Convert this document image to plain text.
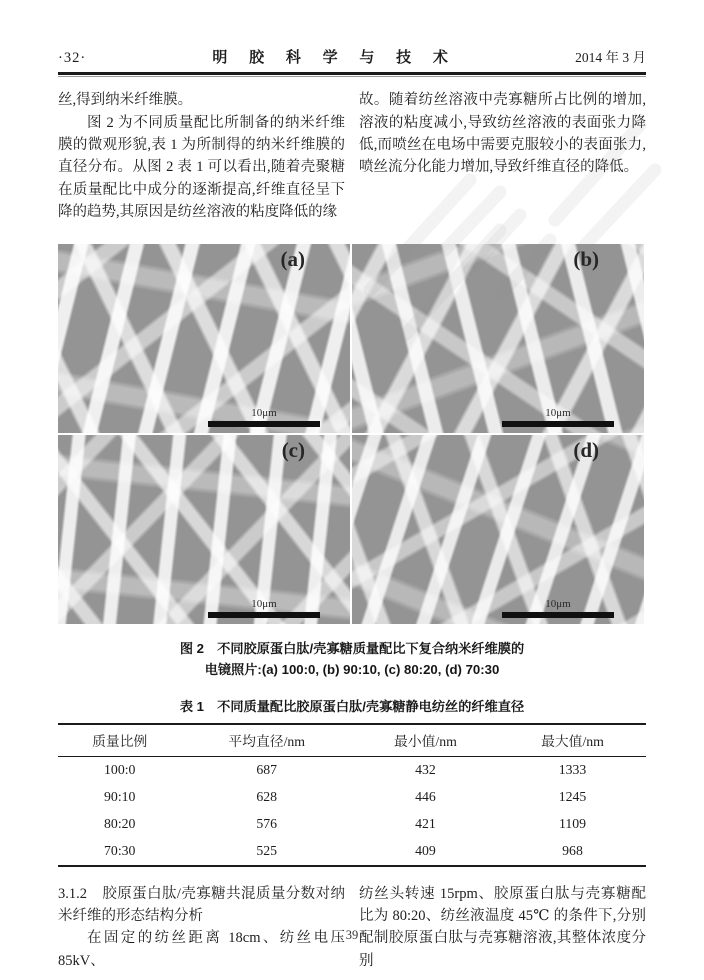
·32·	明 胶 科 学 与 技 术	2014 年 3 月

丝,得到纳米纤维膜。

图 2 为不同质量配比所制备的纳米纤维膜的微观形貌,表 1 为所制得的纳米纤维膜的直径分布。从图 2 表 1 可以看出,随着壳聚糖在质量配比中成分的逐渐提高,纤维直径呈下降的趋势,其原因是纺丝溶液的粘度降低的缘

故。随着纺丝溶液中壳寡糖所占比例的增加,溶液的粘度减小,导致纺丝溶液的表面张力降低,而喷丝在电场中需要克服较小的表面张力,喷丝流分化能力增加,导致纤维直径的降低。

(a)
10μm
(b)
10μm
(c)
10μm
(d)
10μm
图 2　不同胶原蛋白肽/壳寡糖质量配比下复合纳米纤维膜的
电镜照片:(a) 100:0, (b) 90:10, (c) 80:20, (d) 70:30
表 1　不同质量配比胶原蛋白肽/壳寡糖静电纺丝的纤维直径
质量比例	平均直径/nm	最小值/nm	最大值/nm
100:0	687	432	1333
90:10	628	446	1245
80:20	576	421	1109
70:30	525	409	968

3.1.2　胶原蛋白肽/壳寡糖共混质量分数对纳米纤维的形态结构分析

在固定的纺丝距离 18cm、纺丝电压 85kV、

纺丝头转速 15rpm、胶原蛋白肽与壳寡糖配比为 80:20、纺丝液温度 45℃ 的条件下,分别配制胶原蛋白肽与壳寡糖溶液,其整体浓度分别

39
